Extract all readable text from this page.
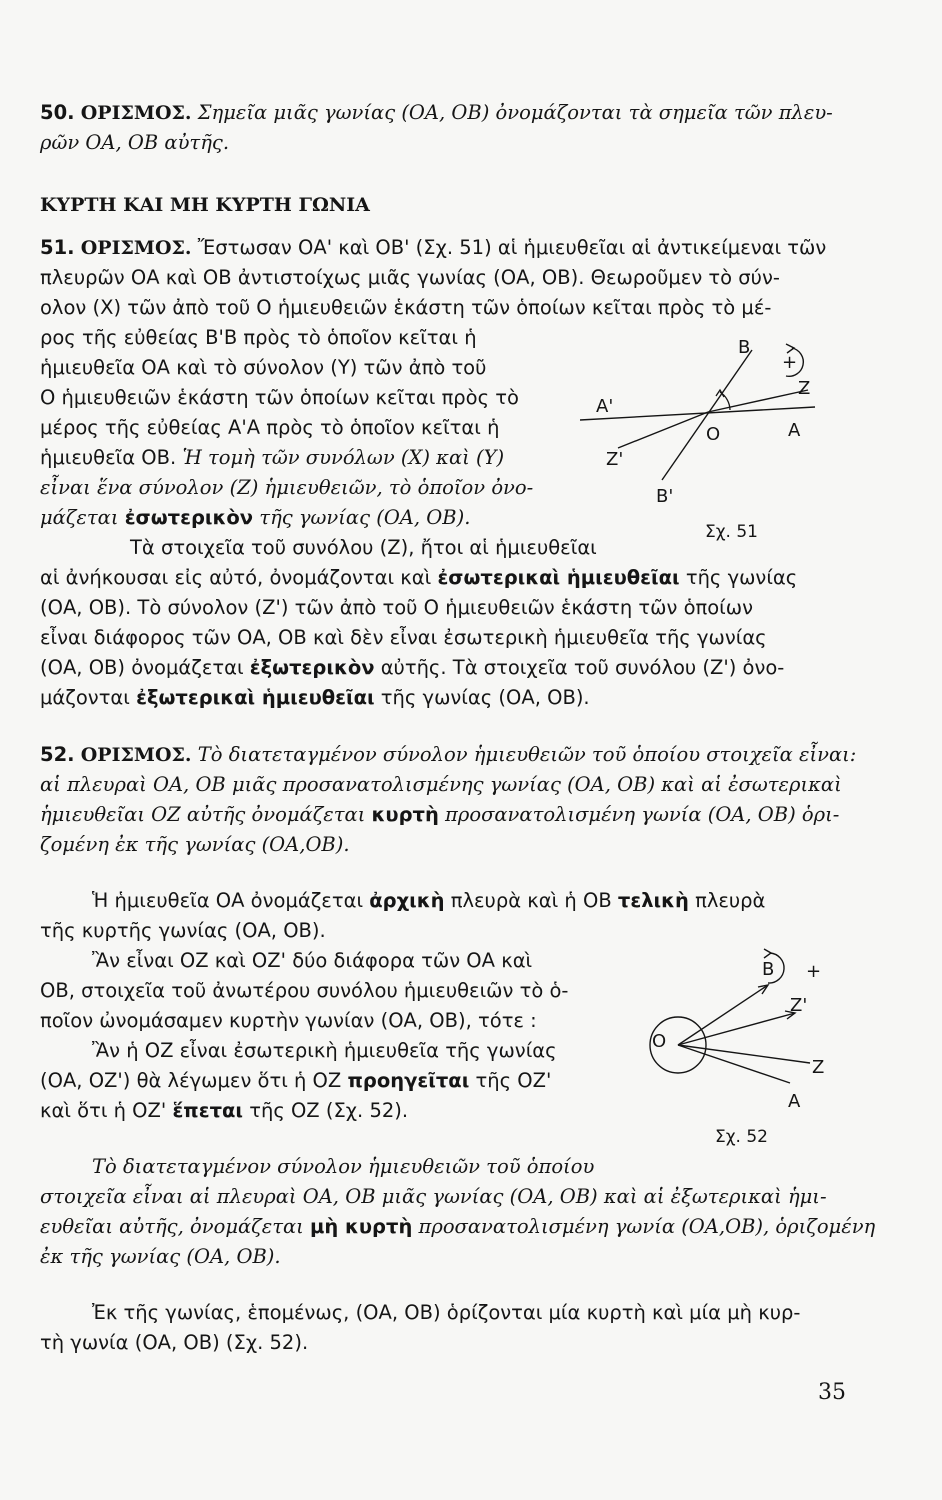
50. ΟΡΙΣΜΟΣ. Σημεῖα μιᾶς γωνίας (ΟΑ, ΟΒ) ὀνομάζονται τὰ σημεῖα τῶν πλευ-
ρῶν ΟΑ, ΟΒ αὐτῆς.
ΚΥΡΤΗ ΚΑΙ ΜΗ ΚΥΡΤΗ ΓΩΝΙΑ
51. ΟΡΙΣΜΟΣ. Ἔστωσαν ΟΑ' καὶ ΟΒ' (Σχ. 51) αἱ ἡμιευθεῖαι αἱ ἀντικείμεναι τῶν
πλευρῶν ΟΑ καὶ ΟΒ ἀντιστοίχως μιᾶς γωνίας (ΟΑ, ΟΒ). Θεωροῦμεν τὸ σύν-
ολον (Χ) τῶν ἀπὸ τοῦ Ο ἡμιευθειῶν ἑκάστη τῶν ὁποίων κεῖται πρὸς τὸ μέ-
ρος τῆς εὐθείας Β'Β πρὸς τὸ ὁποῖον κεῖται ἡ
ἡμιευθεῖα ΟΑ καὶ τὸ σύνολον (Υ) τῶν ἀπὸ τοῦ
Ο ἡμιευθειῶν ἑκάστη τῶν ὁποίων κεῖται πρὸς τὸ
μέρος τῆς εὐθείας Α'Α πρὸς τὸ ὁποῖον κεῖται ἡ
ἡμιευθεῖα ΟΒ. Ἡ τομὴ τῶν συνόλων (Χ) καὶ (Υ)
εἶναι ἕνα σύνολον (Ζ) ἡμιευθειῶν, τὸ ὁποῖον ὀνο-
μάζεται ἐσωτερικὸν τῆς γωνίας (ΟΑ, ΟΒ).
Τὰ στοιχεῖα τοῦ συνόλου (Ζ), ἤτοι αἱ ἡμιευθεῖαι
αἱ ἀνήκουσαι εἰς αὐτό, ὀνομάζονται καὶ ἐσωτερικαὶ ἡμιευθεῖαι τῆς γωνίας
(ΟΑ, ΟΒ). Τὸ σύνολον (Ζ') τῶν ἀπὸ τοῦ Ο ἡμιευθειῶν ἑκάστη τῶν ὁποίων
εἶναι διάφορος τῶν ΟΑ, ΟΒ καὶ δὲν εἶναι ἐσωτερικὴ ἡμιευθεῖα τῆς γωνίας
(ΟΑ, ΟΒ) ὀνομάζεται ἐξωτερικὸν αὐτῆς. Τὰ στοιχεῖα τοῦ συνόλου (Ζ') ὀνο-
μάζονται ἐξωτερικαὶ ἡμιευθεῖαι τῆς γωνίας (ΟΑ, ΟΒ).
Β
+
Ζ
Α'
Ο	Α
Ζ'
Β'
Σχ. 51
52. ΟΡΙΣΜΟΣ. Τὸ διατεταγμένον σύνολον ἡμιευθειῶν τοῦ ὁποίου στοιχεῖα εἶναι:
αἱ πλευραὶ ΟΑ, ΟΒ μιᾶς προσανατολισμένης γωνίας (ΟΑ, ΟΒ) καὶ αἱ ἐσωτερικαὶ
ἡμιευθεῖαι ΟΖ αὐτῆς ὀνομάζεται κυρτὴ προσανατολισμένη γωνία (ΟΑ, ΟΒ) ὁρι-
ζομένη ἐκ τῆς γωνίας (ΟΑ,ΟΒ).
Ἡ ἡμιευθεῖα ΟΑ ὀνομάζεται ἀρχικὴ πλευρὰ καὶ ἡ ΟΒ τελικὴ πλευρὰ
τῆς κυρτῆς γωνίας (ΟΑ, ΟΒ).
Ἂν εἶναι ΟΖ καὶ ΟΖ' δύο διάφορα τῶν ΟΑ καὶ
ΟΒ, στοιχεῖα τοῦ ἀνωτέρου συνόλου ἡμιευθειῶν τὸ ὁ-
ποῖον ὠνομάσαμεν κυρτὴν γωνίαν (ΟΑ, ΟΒ), τότε :
Ἂν ἡ ΟΖ εἶναι ἐσωτερικὴ ἡμιευθεῖα τῆς γωνίας
(ΟΑ, ΟΖ') θὰ λέγωμεν ὅτι ἡ ΟΖ προηγεῖται τῆς ΟΖ'
καὶ ὅτι ἡ ΟΖ' ἕπεται τῆς ΟΖ (Σχ. 52).
Β +
Ζ'
Ο
Ζ
Α
Σχ. 52
Τὸ διατεταγμένον σύνολον ἡμιευθειῶν τοῦ ὁποίου
στοιχεῖα εἶναι αἱ πλευραὶ ΟΑ, ΟΒ μιᾶς γωνίας (ΟΑ, ΟΒ) καὶ αἱ ἐξωτερικαὶ ἡμι-
ευθεῖαι αὐτῆς, ὀνομάζεται μὴ κυρτὴ προσανατολισμένη γωνία (ΟΑ,ΟΒ), ὁριζομένη
ἐκ τῆς γωνίας (ΟΑ, ΟΒ).
Ἐκ τῆς γωνίας, ἑπομένως, (ΟΑ, ΟΒ) ὁρίζονται μία κυρτὴ καὶ μία μὴ κυρ-
τὴ γωνία (ΟΑ, ΟΒ) (Σχ. 52).
35
